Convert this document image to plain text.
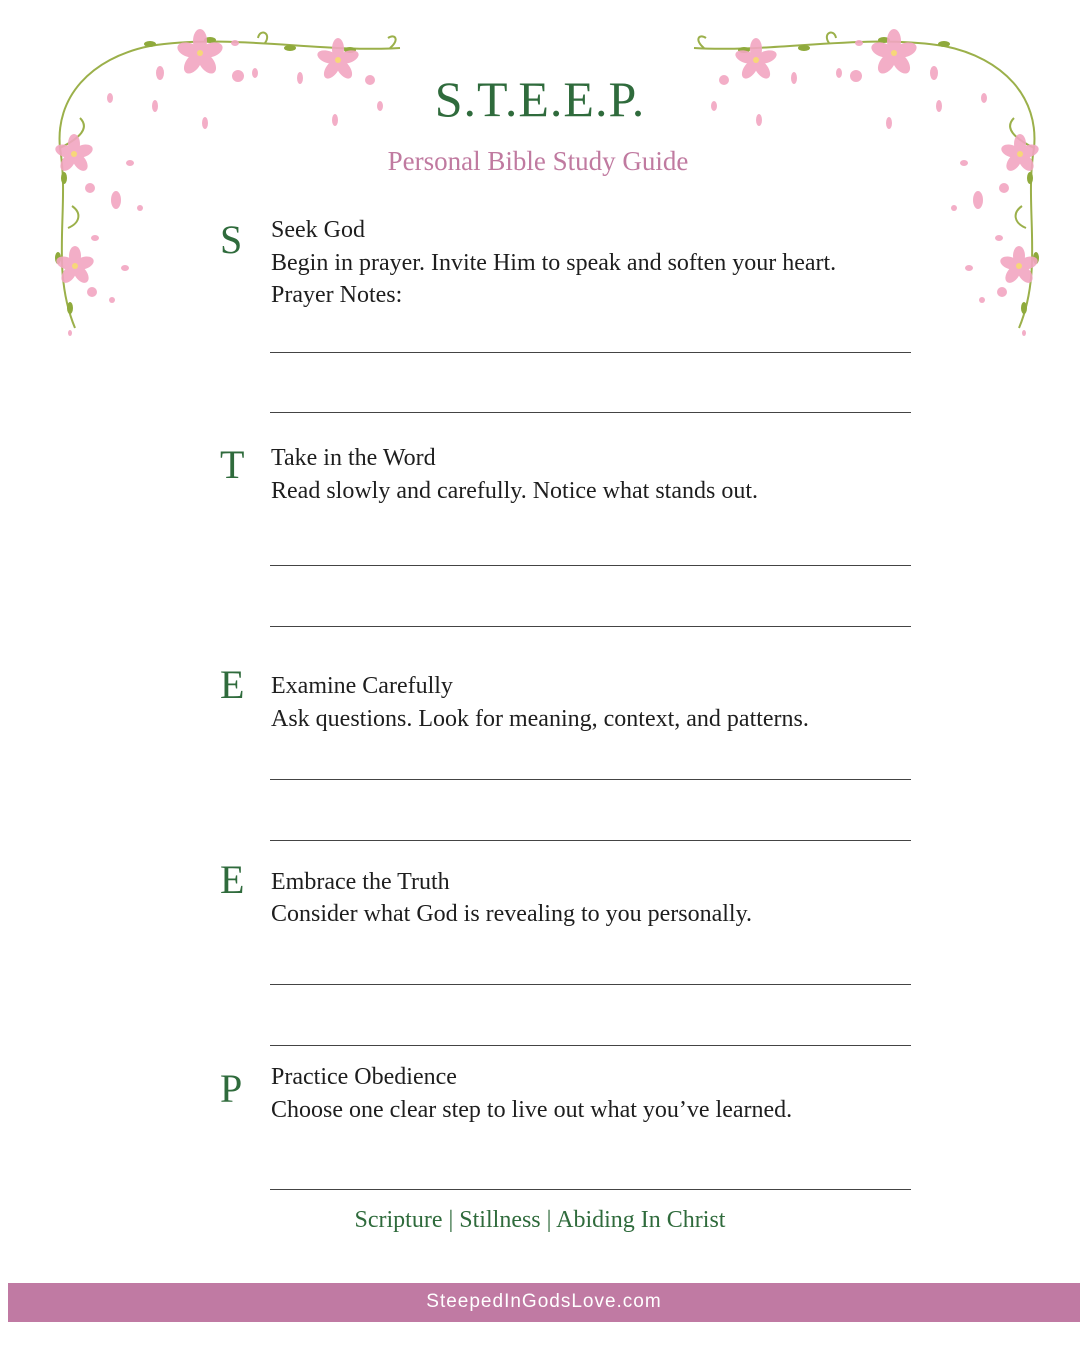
S.T.E.E.P.
Personal Bible Study Guide
S Seek God
Begin in prayer. Invite Him to speak and soften your heart.
Prayer Notes:
T Take in the Word
Read slowly and carefully. Notice what stands out.
E Examine Carefully
Ask questions. Look for meaning, context, and patterns.
E Embrace the Truth
Consider what God is revealing to you personally.
P Practice Obedience
Choose one clear step to live out what you’ve learned.
Scripture | Stillness | Abiding In Christ
SteepedInGodsLove.com
